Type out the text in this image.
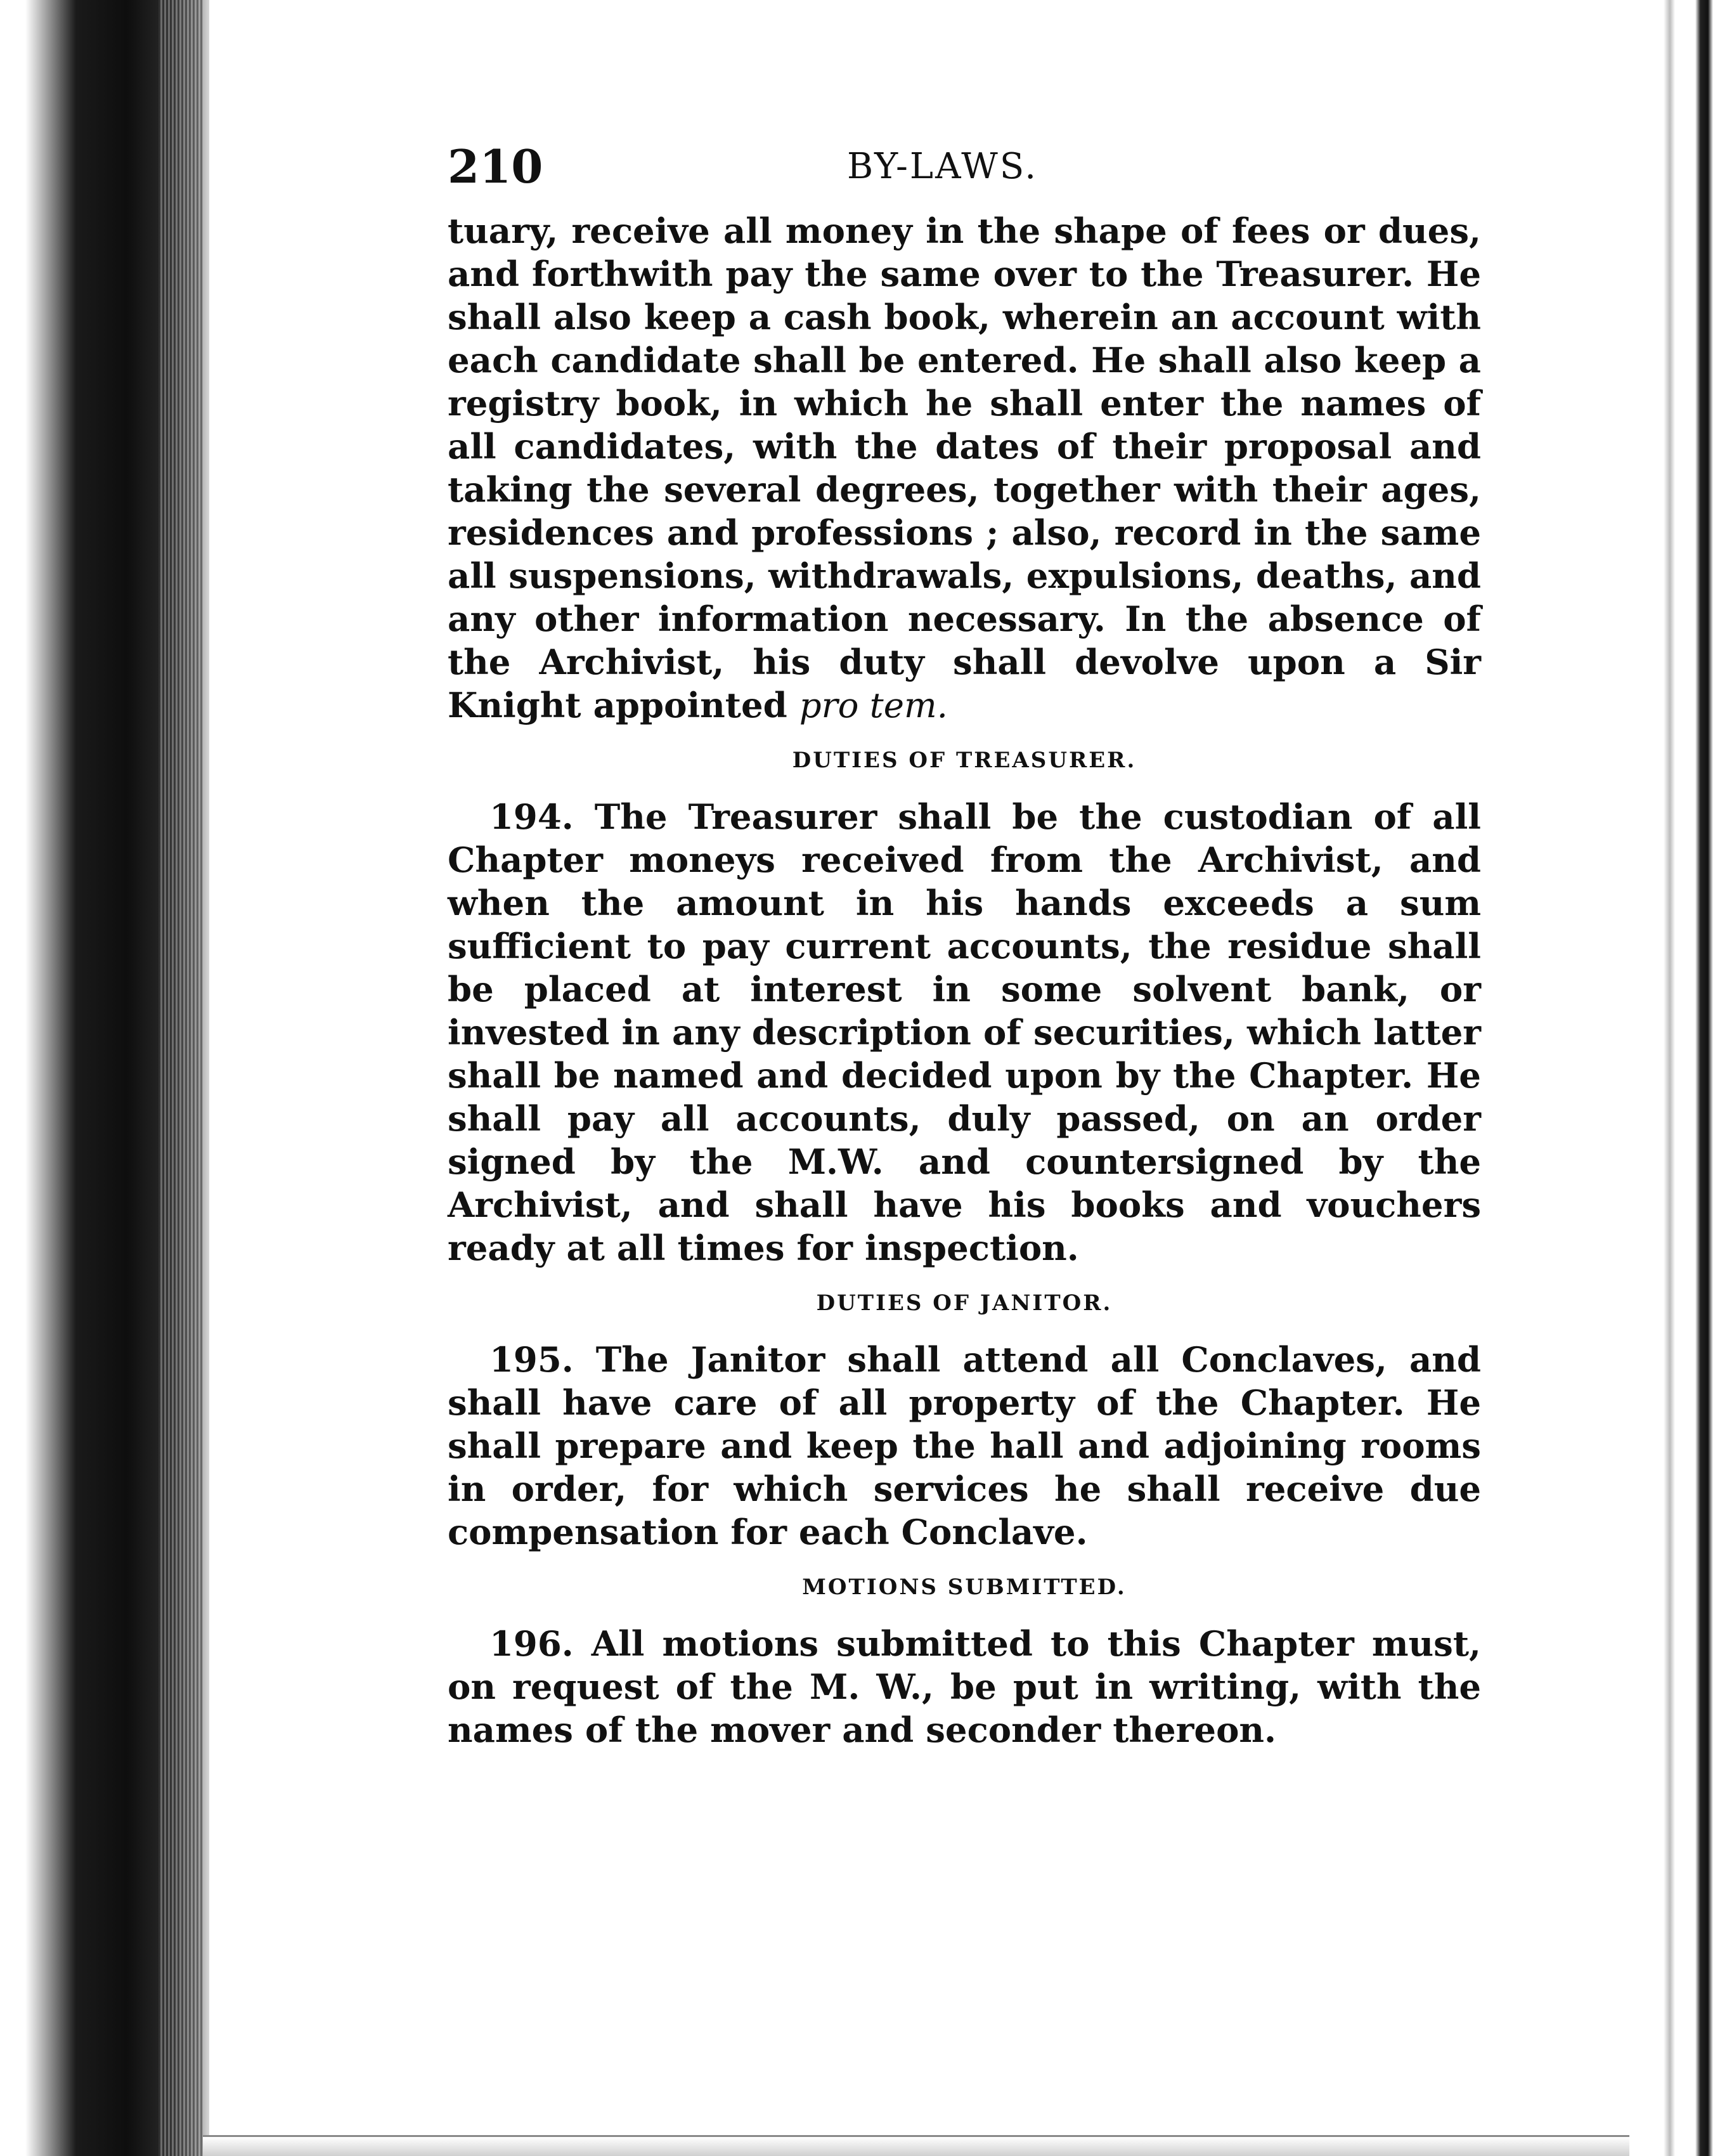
210	BY-LAWS.

tuary, receive all money in the shape of fees or dues, and forthwith pay the same over to the Treasurer. He shall also keep a cash book, wherein an account with each candidate shall be entered. He shall also keep a registry book, in which he shall enter the names of all candidates, with the dates of their proposal and taking the several degrees, together with their ages, residences and professions ; also, record in the same all suspensions, withdrawals, expulsions, deaths, and any other information necessary. In the absence of the Archivist, his duty shall devolve upon a Sir Knight appointed pro tem.

DUTIES OF TREASURER.

194. The Treasurer shall be the custodian of all Chapter moneys received from the Archivist, and when the amount in his hands exceeds a sum sufficient to pay current accounts, the residue shall be placed at interest in some solvent bank, or invested in any description of securities, which latter shall be named and decided upon by the Chapter. He shall pay all accounts, duly passed, on an order signed by the M.W. and countersigned by the Archivist, and shall have his books and vouchers ready at all times for inspection.

DUTIES OF JANITOR.

195. The Janitor shall attend all Conclaves, and shall have care of all property of the Chapter. He shall prepare and keep the hall and adjoining rooms in order, for which services he shall receive due compensation for each Conclave.

MOTIONS SUBMITTED.

196. All motions submitted to this Chapter must, on request of the M. W., be put in writing, with the names of the mover and seconder thereon.
